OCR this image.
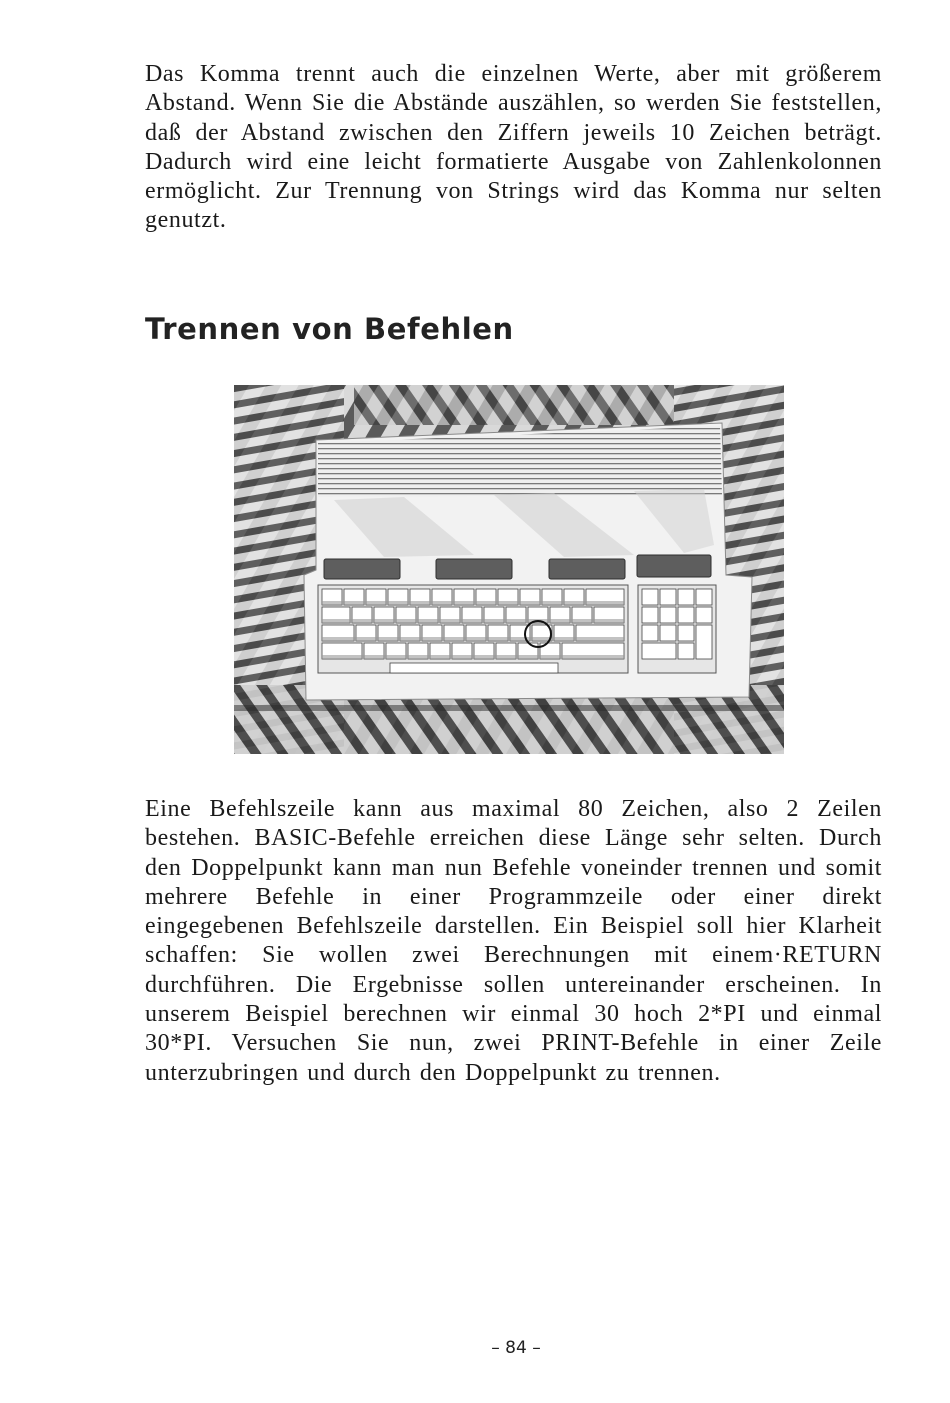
Das Komma trennt auch die einzelnen Werte, aber mit größerem Abstand. Wenn Sie die Abstände auszählen, so werden Sie feststellen, daß der Abstand zwischen den Ziffern jeweils 10 Zeichen beträgt. Dadurch wird eine leicht formatierte Ausgabe von Zahlenkolonnen ermöglicht. Zur Trennung von Strings wird das Komma nur selten genutzt.

Trennen von Befehlen

Eine Befehlszeile kann aus maximal 80 Zeichen, also 2 Zeilen bestehen. BASIC-Befehle erreichen diese Länge sehr selten. Durch den Doppelpunkt kann man nun Befehle voneinder trennen und somit mehrere Befehle in einer Programmzeile oder einer direkt eingegebenen Befehlszeile darstellen. Ein Beispiel soll hier Klarheit schaffen: Sie wollen zwei Berechnungen mit einem·RETURN durchführen. Die Ergebnisse sollen untereinander erscheinen. In unserem Beispiel berechnen wir einmal 30 hoch 2*PI und einmal 30*PI. Versuchen Sie nun, zwei PRINT-Befehle in einer Zeile unterzubringen und durch den Doppelpunkt zu trennen.

– 84 –
